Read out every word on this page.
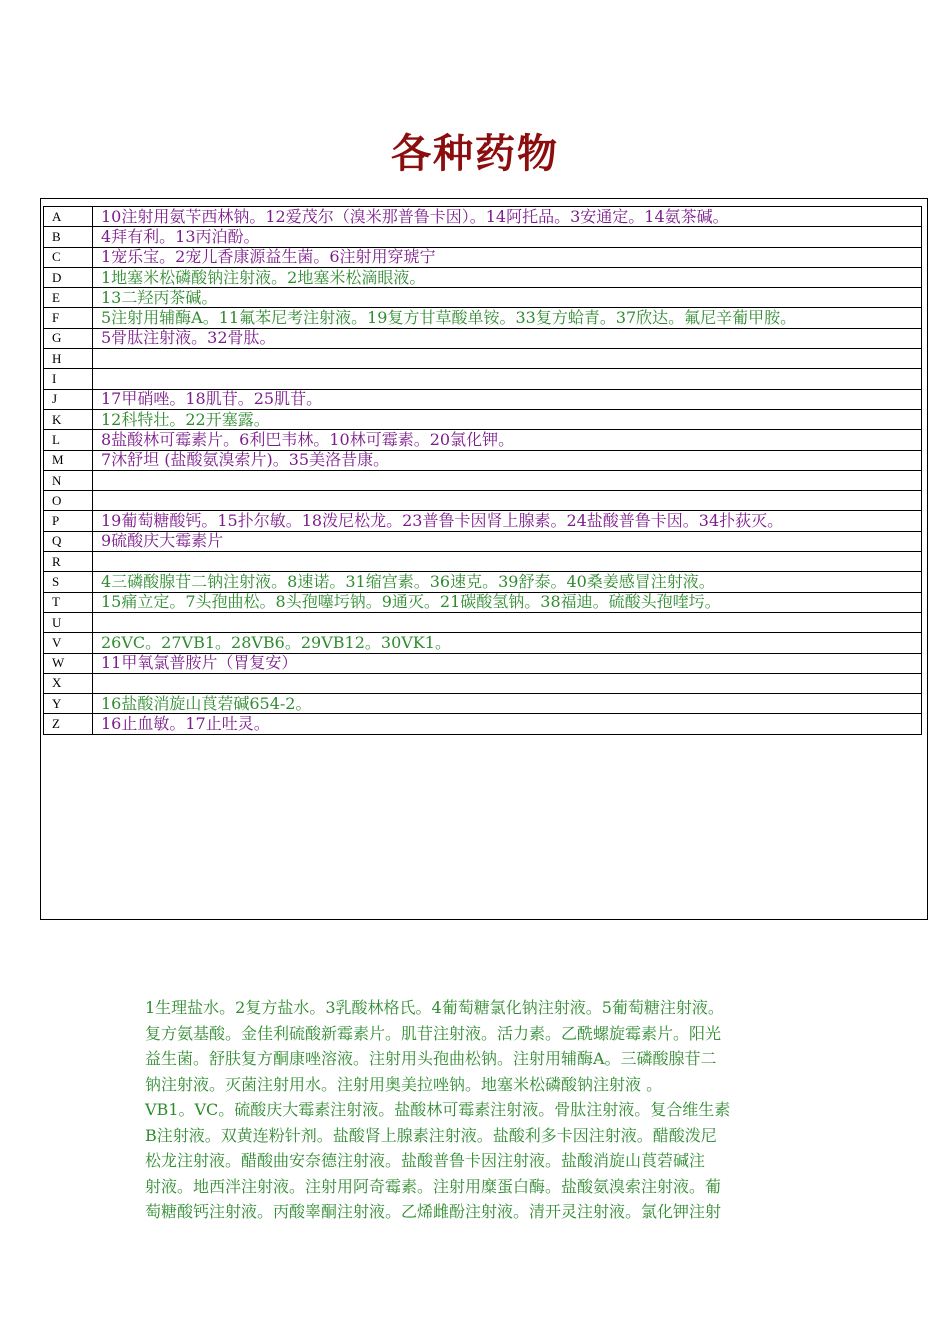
各种药物
A	10注射用氨苄西林钠。12爱茂尔（溴米那普鲁卡因）。14阿托品。3安通定。14氨茶碱。
B	4拜有利。13丙泊酚。
C	1宠乐宝。2宠儿香康源益生菌。6注射用穿琥宁
D	1地塞米松磷酸钠注射液。2地塞米松滴眼液。
E	13二羟丙茶碱。
F	5注射用辅酶A。11氟苯尼考注射液。19复方甘草酸单铵。33复方蛤青。37欣达。氟尼辛葡甲胺。
G	5骨肽注射液。32骨肽。
H	
I	
J	17甲硝唑。18肌苷。25肌苷。
K	12科特壮。22开塞露。
L	8盐酸林可霉素片。6利巴韦林。10林可霉素。20氯化钾。
M	7沐舒坦 (盐酸氨溴索片)。35美洛昔康。
N	
O	
P	19葡萄糖酸钙。15扑尔敏。18泼尼松龙。23普鲁卡因肾上腺素。24盐酸普鲁卡因。34扑荻灭。
Q	9硫酸庆大霉素片
R	
S	4三磷酸腺苷二钠注射液。8速诺。31缩宫素。36速克。39舒泰。40桑姜感冒注射液。
T	15痛立定。7头孢曲松。8头孢噻圬钠。9通灭。21碳酸氢钠。38福迪。硫酸头孢喹圬。
U	
V	26VC。27VB1。28VB6。29VB12。30VK1。
W	11甲氧氯普胺片（胃复安）
X	
Y	16盐酸消旋山莨菪碱654-2。
Z	16止血敏。17止吐灵。
1生理盐水。2复方盐水。3乳酸林格氏。4葡萄糖氯化钠注射液。5葡萄糖注射液。
复方氨基酸。金佳利硫酸新霉素片。肌苷注射液。活力素。乙酰螺旋霉素片。阳光
益生菌。舒肤复方酮康唑溶液。注射用头孢曲松钠。注射用辅酶A。三磷酸腺苷二
钠注射液。灭菌注射用水。注射用奥美拉唑钠。地塞米松磷酸钠注射液 。
VB1。VC。硫酸庆大霉素注射液。盐酸林可霉素注射液。骨肽注射液。复合维生素
B注射液。双黄连粉针剂。盐酸肾上腺素注射液。盐酸利多卡因注射液。醋酸泼尼
松龙注射液。醋酸曲安奈德注射液。盐酸普鲁卡因注射液。盐酸消旋山莨菪碱注
射液。地西泮注射液。注射用阿奇霉素。注射用糜蛋白酶。盐酸氨溴索注射液。葡
萄糖酸钙注射液。丙酸睾酮注射液。乙烯雌酚注射液。清开灵注射液。氯化钾注射
